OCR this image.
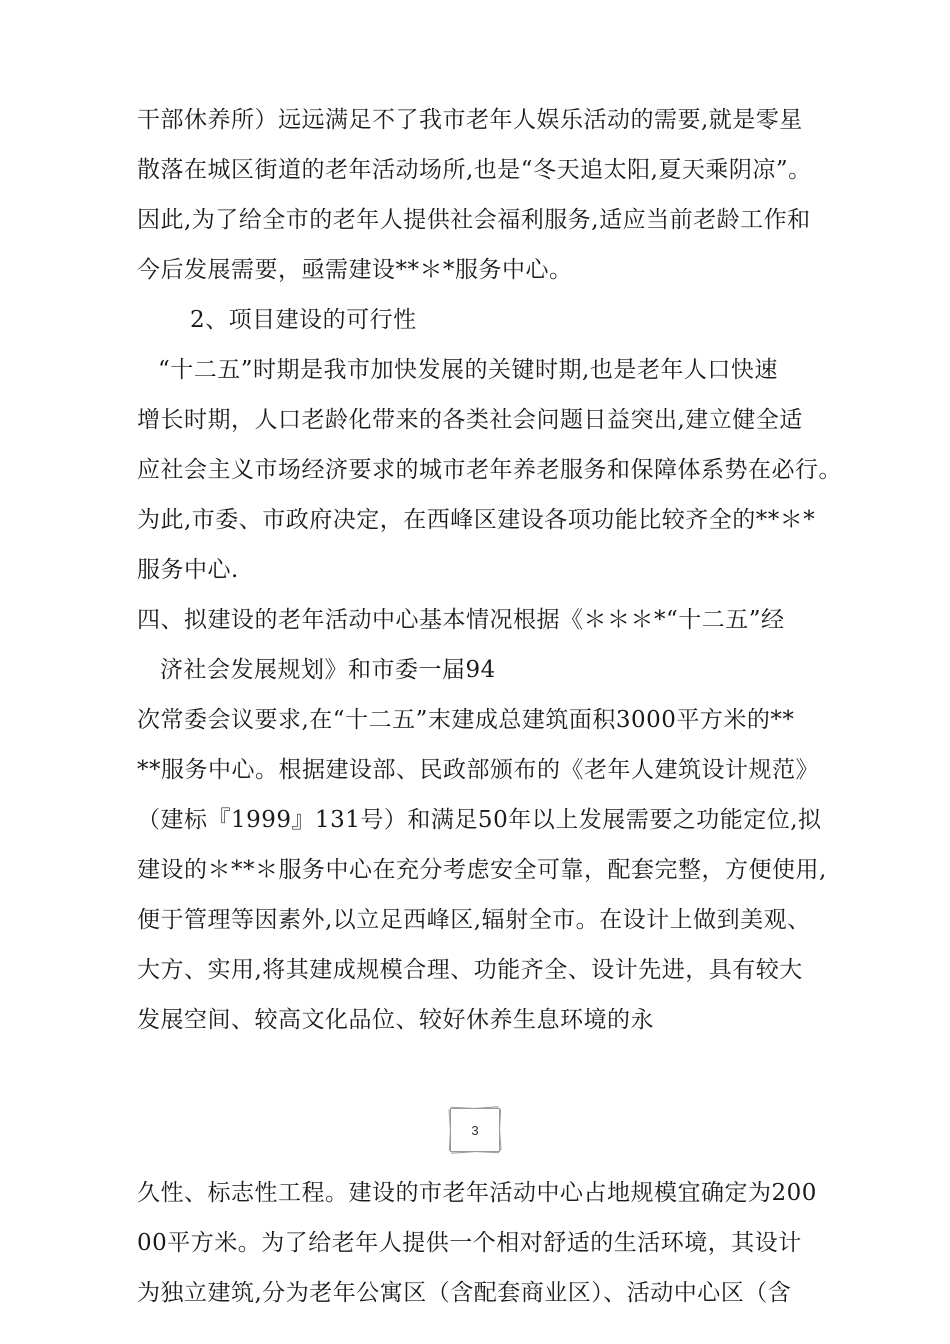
干部休养所）远远满足不了我市老年人娱乐活动的需要,就是零星
散落在城区街道的老年活动场所,也是“冬天追太阳,夏天乘阴凉”。
因此,为了给全市的老年人提供社会福利服务,适应当前老龄工作和
今后发展需要，亟需建设**＊*服务中心。
2、项目建设的可行性
“十二五”时期是我市加快发展的关键时期,也是老年人口快速
增长时期，人口老龄化带来的各类社会问题日益突出,建立健全适
应社会主义市场经济要求的城市老年养老服务和保障体系势在必行。
为此,市委、市政府决定，在西峰区建设各项功能比较齐全的**＊*
服务中心.
四、拟建设的老年活动中心基本情况根据《＊＊＊*“十二五”经
济社会发展规划》和市委一届94
次常委会议要求,在“十二五”末建成总建筑面积3000平方米的**
**服务中心。根据建设部、民政部颁布的《老年人建筑设计规范》
（建标『1999』131号）和满足50年以上发展需要之功能定位,拟
建设的＊**＊服务中心在充分考虑安全可靠，配套完整，方便使用,
便于管理等因素外,以立足西峰区,辐射全市。在设计上做到美观、
大方、实用,将其建成规模合理、功能齐全、设计先进，具有较大
发展空间、较高文化品位、较好休养生息环境的永
3
久性、标志性工程。建设的市老年活动中心占地规模宜确定为200
00平方米。为了给老年人提供一个相对舒适的生活环境，其设计
为独立建筑,分为老年公寓区（含配套商业区）、活动中心区（含
